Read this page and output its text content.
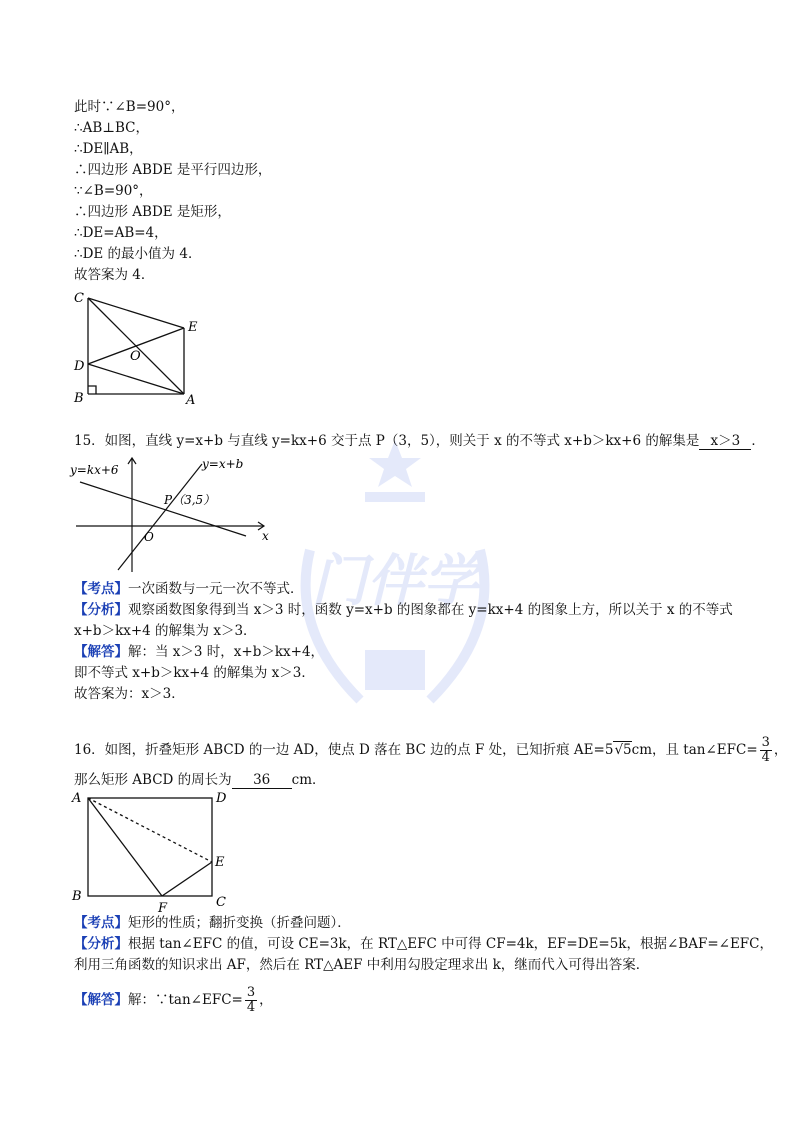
门伴学
此时∵∠B=90°，
∴AB⊥BC，
∴DE∥AB，
∴四边形 ABDE 是平行四边形，
∵∠B=90°，
∴四边形 ABDE 是矩形，
∴DE=AB=4，
∴DE 的最小值为 4．
故答案为 4．
C
E
D
O
B	A
15．如图，直线 y=x+b 与直线 y=kx+6 交于点 P（3，5），则关于 x 的不等式 x+b＞kx+6 的解集是 x＞3 ．
y=kx+6	y=x+b
P（3,5）
O	x
【考点】一次函数与一元一次不等式．
【分析】观察函数图象得到当 x＞3 时，函数 y=x+b 的图象都在 y=kx+4 的图象上方，所以关于 x 的不等式
x+b＞kx+4 的解集为 x＞3．
【解答】解：当 x＞3 时，x+b＞kx+4，
即不等式 x+b＞kx+4 的解集为 x＞3．
故答案为：x＞3．
16．如图，折叠矩形 ABCD 的一边 AD，使点 D 落在 BC 边的点 F 处，已知折痕 AE=5√5cm，且 tan∠EFC= $\frac{3}{4}$ ，
那么矩形 ABCD 的周长为 36 cm．
A	D
E
B
F	C
【考点】矩形的性质；翻折变换（折叠问题）．
【分析】根据 tan∠EFC 的值，可设 CE=3k，在 RT△EFC 中可得 CF=4k，EF=DE=5k，根据∠BAF=∠EFC，
利用三角函数的知识求出 AF，然后在 RT△AEF 中利用勾股定理求出 k，继而代入可得出答案．
【解答】解：∵tan∠EFC= $\frac{3}{4}$ ，
